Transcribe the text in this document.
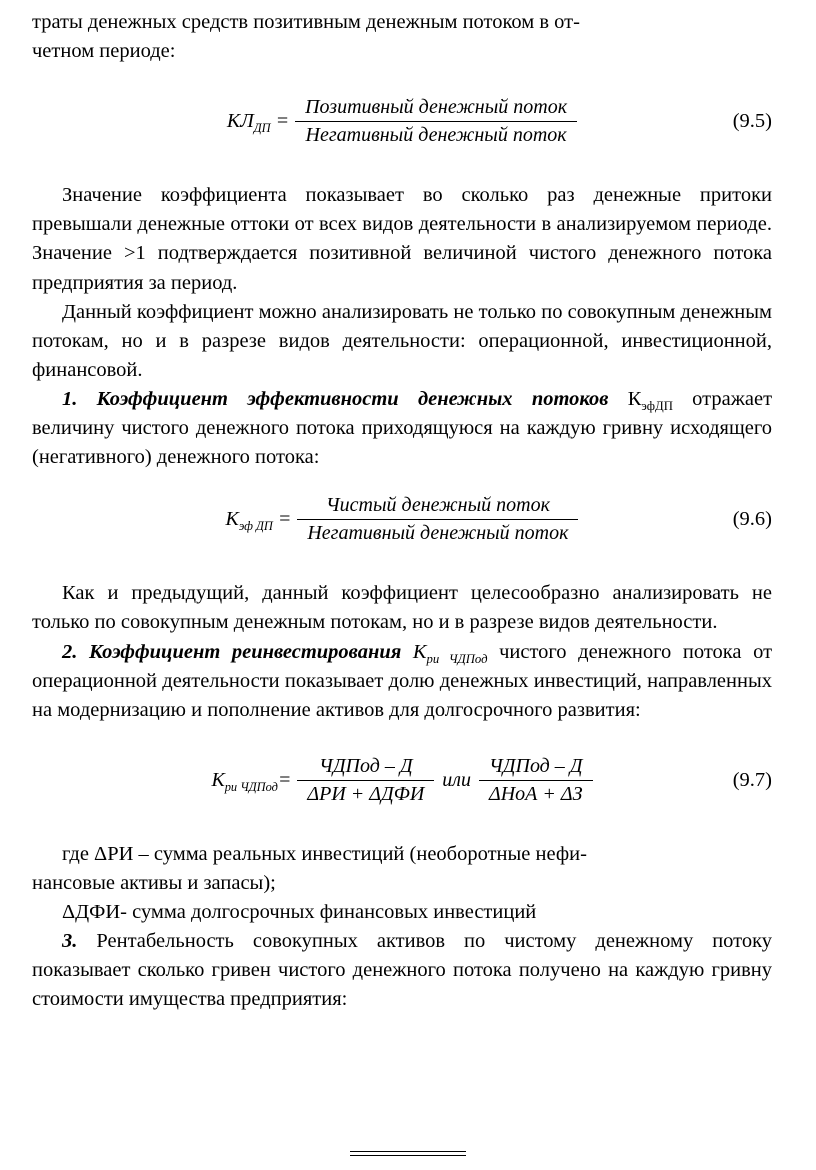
траты денежных средств позитивным денежным потоком в от-

четном периоде:

$КЛ_{ДП} = \frac{\text{Позитивный денежный поток}}{\text{Негативный денежный поток}}$	(9.5)

Значение коэффициента показывает во сколько раз денежные притоки превышали денежные оттоки от всех видов деятельности в анализируемом периоде. Значение >1 подтверждается позитивной величиной чистого денежного потока предприятия за период.

Данный коэффициент можно анализировать не только по совокупным денежным потокам, но и в разрезе видов деятельности: операционной, инвестиционной, финансовой.

1. Коэффициент эффективности денежных потоков $К_{эфДП}$ отражает величину чистого денежного потока приходящуюся на каждую гривну исходящего (негативного) денежного потока:

$К_{эф ДП} = \frac{\text{Чистый денежный поток}}{\text{Негативный денежный поток}}$	(9.6)

Как и предыдущий, данный коэффициент целесообразно анализировать не только по совокупным денежным потокам, но и в разрезе видов деятельности.

2. Коэффициент реинвестирования $К_{ри ЧДПод}$ чистого денежного потока от операционной деятельности показывает долю денежных инвестиций, направленных на модернизацию и пополнение активов для долгосрочного развития:

$К_{ри ЧДПод}= \frac{\text{ЧДПод – Д}}{\text{ΔРИ + ΔДФИ}}$ или $\frac{\text{ЧДПод – Д}}{\text{ΔНоА + ΔЗ}}$	(9.7)

где ΔРИ – сумма реальных инвестиций (необоротные нефи-

нансовые активы и запасы);

ΔДФИ- сумма долгосрочных финансовых инвестиций

3. Рентабельность совокупных активов по чистому денежному потоку показывает сколько гривен чистого денежного потока получено на каждую гривну стоимости имущества предприятия:
